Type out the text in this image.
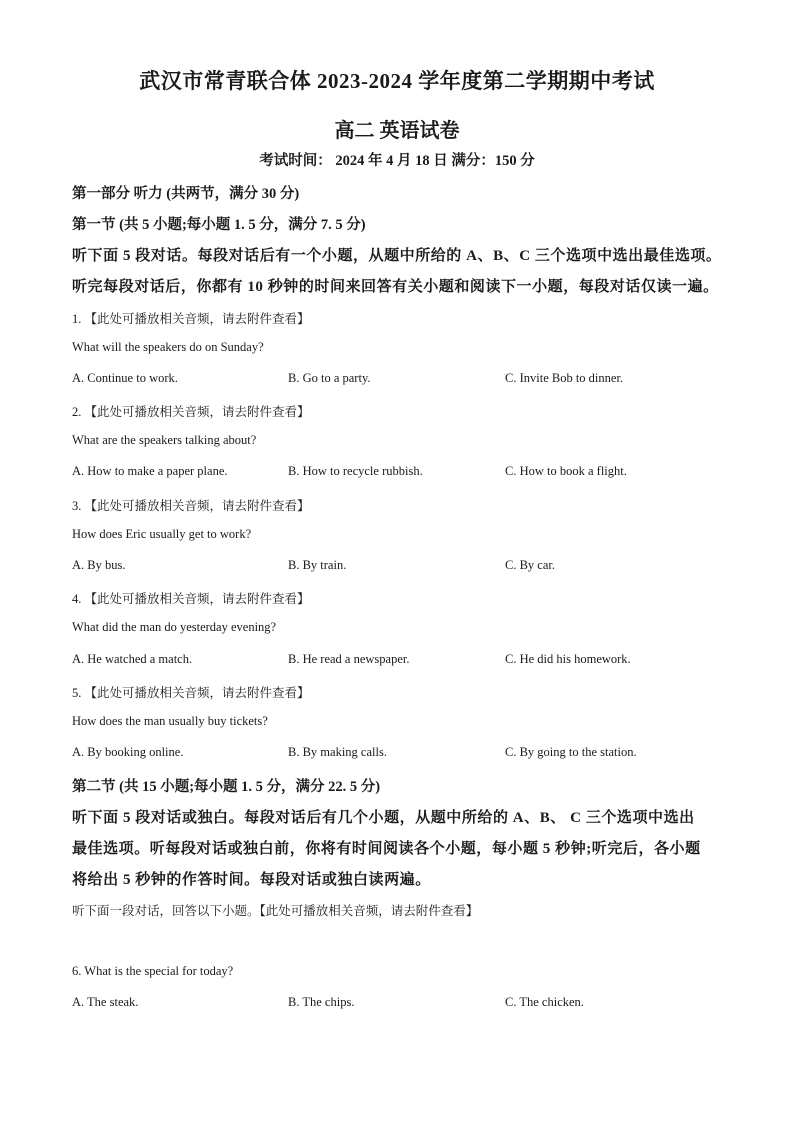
武汉市常青联合体 2023-2024 学年度第二学期期中考试
高二 英语试卷
考试时间： 2024 年 4 月 18 日 满分：150 分
第一部分 听力 (共两节，满分 30 分)
第一节 (共 5 小题;每小题 1. 5 分，满分 7. 5 分)
听下面 5 段对话。每段对话后有一个小题，从题中所给的 A、B、C 三个选项中选出最佳选项。
听完每段对话后，你都有 10 秒钟的时间来回答有关小题和阅读下一小题，每段对话仅读一遍。
1. 【此处可播放相关音频，请去附件查看】
What will the speakers do on Sunday?
A. Continue to work.	B. Go to a party.	C. Invite Bob to dinner.
2. 【此处可播放相关音频，请去附件查看】
What are the speakers talking about?
A. How to make a paper plane.	B. How to recycle rubbish.	C. How to book a flight.
3. 【此处可播放相关音频，请去附件查看】
How does Eric usually get to work?
A. By bus.	B. By train.	C. By car.
4. 【此处可播放相关音频，请去附件查看】
What did the man do yesterday evening?
A. He watched a match.	B. He read a newspaper.	C. He did his homework.
5. 【此处可播放相关音频，请去附件查看】
How does the man usually buy tickets?
A. By booking online.	B. By making calls.	C. By going to the station.
第二节 (共 15 小题;每小题 1. 5 分，满分 22. 5 分)
听下面 5 段对话或独白。每段对话后有几个小题，从题中所给的 A、B、 C 三个选项中选出
最佳选项。听每段对话或独白前，你将有时间阅读各个小题，每小题 5 秒钟;听完后，各小题
将给出 5 秒钟的作答时间。每段对话或独白读两遍。
听下面一段对话，回答以下小题。【此处可播放相关音频，请去附件查看】
6. What is the special for today?
A. The steak.	B. The chips.	C. The chicken.
